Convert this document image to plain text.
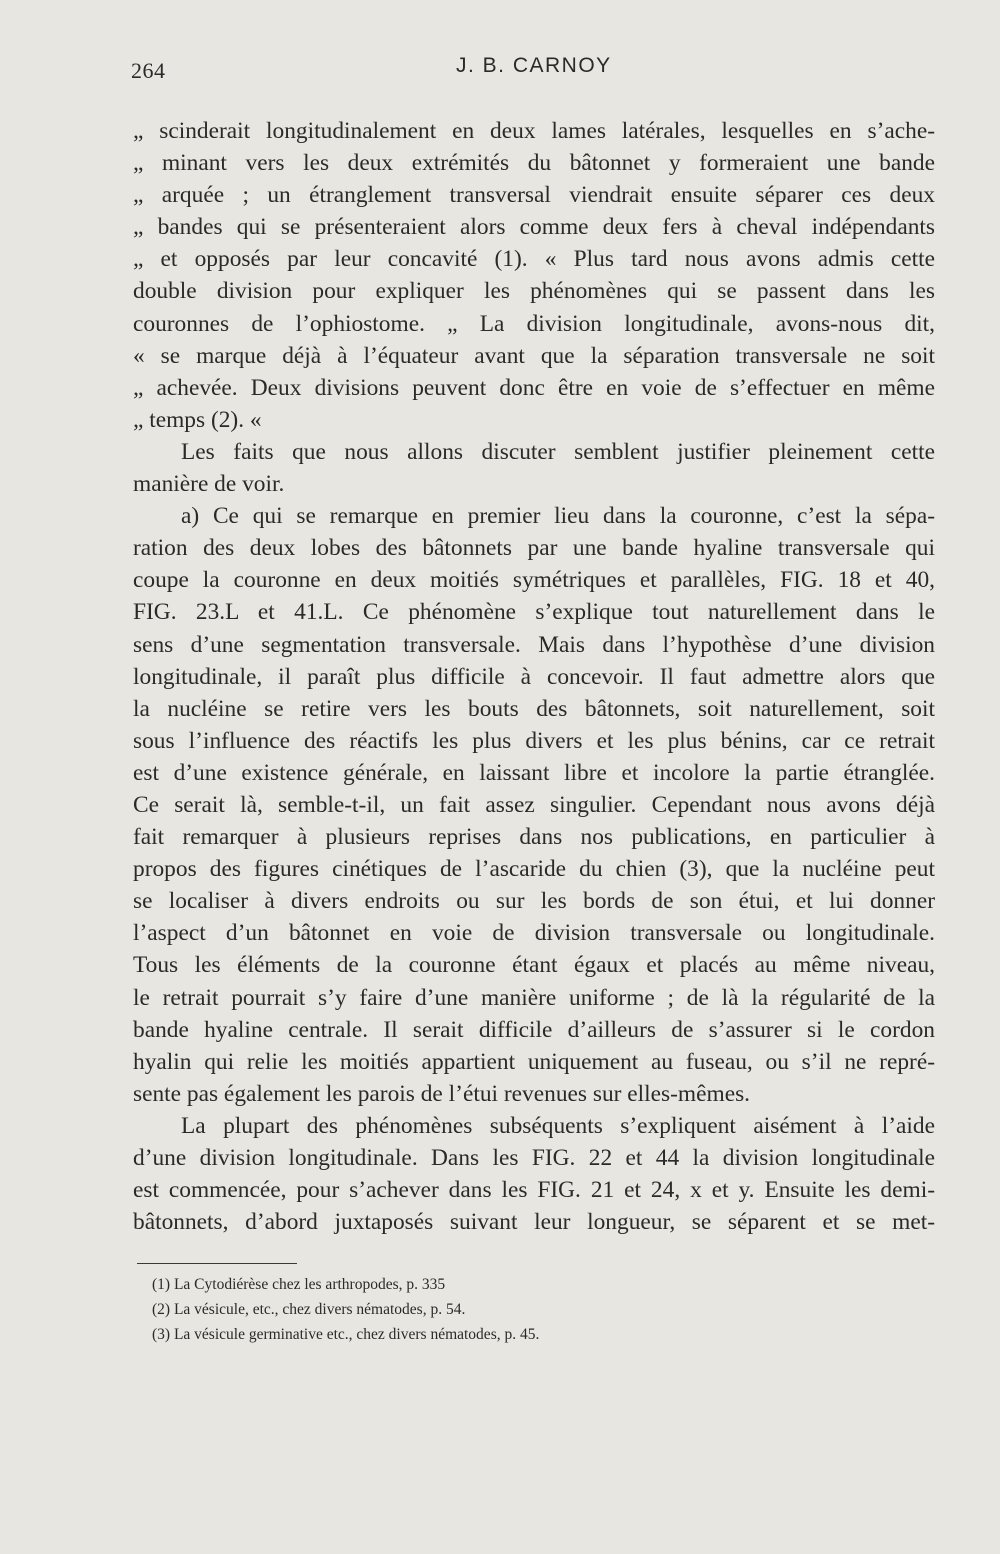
264	J. B. CARNOY
„ scinderait longitudinalement en deux lames latérales, lesquelles en s’ache-
„ minant vers les deux extrémités du bâtonnet y formeraient une bande
„ arquée ; un étranglement transversal viendrait ensuite séparer ces deux
„ bandes qui se présenteraient alors comme deux fers à cheval indépendants
„ et opposés par leur concavité (1). « Plus tard nous avons admis cette
double division pour expliquer les phénomènes qui se passent dans les
couronnes de l’ophiostome. „ La division longitudinale, avons-nous dit,
« se marque déjà à l’équateur avant que la séparation transversale ne soit
„ achevée. Deux divisions peuvent donc être en voie de s’effectuer en même
„ temps (2). «
Les faits que nous allons discuter semblent justifier pleinement cette
manière de voir.
a) Ce qui se remarque en premier lieu dans la couronne, c’est la sépa-
ration des deux lobes des bâtonnets par une bande hyaline transversale qui
coupe la couronne en deux moitiés symétriques et parallèles, FIG. 18 et 40,
FIG. 23.L et 41.L. Ce phénomène s’explique tout naturellement dans le
sens d’une segmentation transversale. Mais dans l’hypothèse d’une division
longitudinale, il paraît plus difficile à concevoir. Il faut admettre alors que
la nucléine se retire vers les bouts des bâtonnets, soit naturellement, soit
sous l’influence des réactifs les plus divers et les plus bénins, car ce retrait
est d’une existence générale, en laissant libre et incolore la partie étranglée.
Ce serait là, semble-t-il, un fait assez singulier. Cependant nous avons déjà
fait remarquer à plusieurs reprises dans nos publications, en particulier à
propos des figures cinétiques de l’ascaride du chien (3), que la nucléine peut
se localiser à divers endroits ou sur les bords de son étui, et lui donner
l’aspect d’un bâtonnet en voie de division transversale ou longitudinale.
Tous les éléments de la couronne étant égaux et placés au même niveau,
le retrait pourrait s’y faire d’une manière uniforme ; de là la régularité de la
bande hyaline centrale. Il serait difficile d’ailleurs de s’assurer si le cordon
hyalin qui relie les moitiés appartient uniquement au fuseau, ou s’il ne repré-
sente pas également les parois de l’étui revenues sur elles-mêmes.
La plupart des phénomènes subséquents s’expliquent aisément à l’aide
d’une division longitudinale. Dans les FIG. 22 et 44 la division longitudinale
est commencée, pour s’achever dans les FIG. 21 et 24, x et y. Ensuite les demi-
bâtonnets, d’abord juxtaposés suivant leur longueur, se séparent et se met-
(1) La Cytodiérèse chez les arthropodes, p. 335
(2) La vésicule, etc., chez divers nématodes, p. 54.
(3) La vésicule germinative etc., chez divers nématodes, p. 45.
